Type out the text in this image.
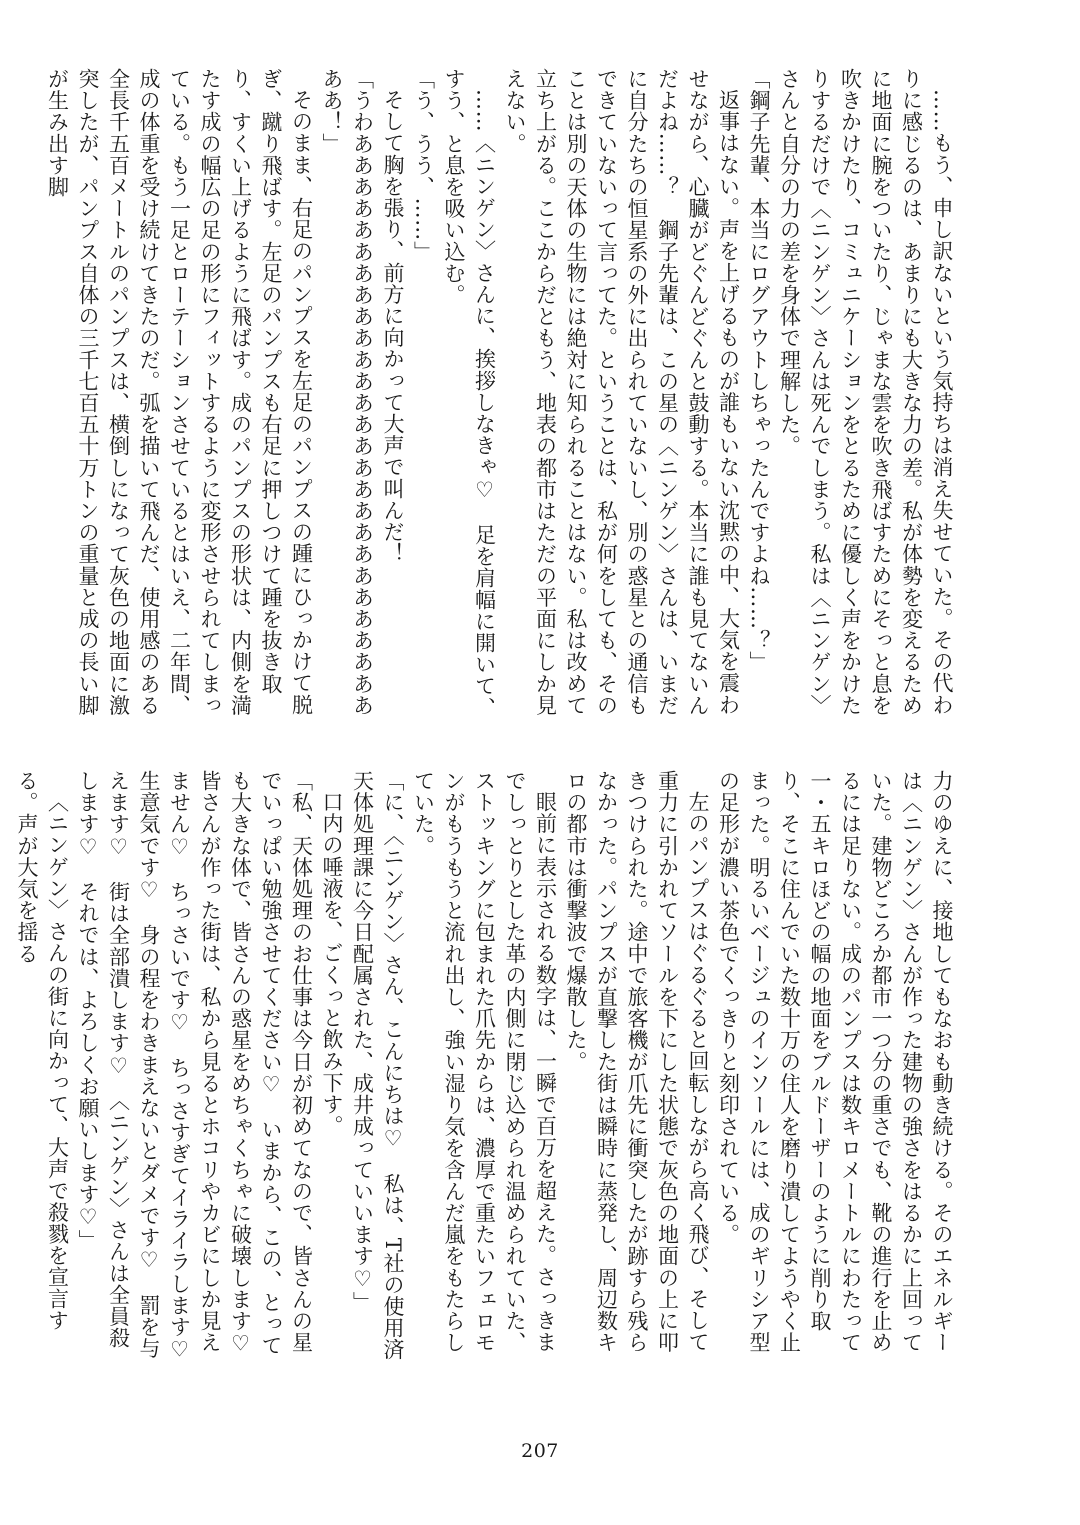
……もう、申し訳ないという気持ちは消え失せていた。その代わりに感じるのは、あまりにも大きな力の差。私が体勢を変えるために地面に腕をついたり、じゃまな雲を吹き飛ばすためにそっと息を吹きかけたり、コミュニケーションをとるために優しく声をかけたりするだけで〈ニンゲン〉さんは死んでしまう。私は〈ニンゲン〉さんと自分の力の差を身体で理解した。

「鋼子先輩、本当にログアウトしちゃったんですよね……？」

返事はない。声を上げるものが誰もいない沈黙の中、大気を震わせながら、心臓がどぐんどぐんと鼓動する。本当に誰も見てないんだよね……？　鋼子先輩は、この星の〈ニンゲン〉さんは、いまだに自分たちの恒星系の外に出られていないし、別の惑星との通信もできていないって言ってた。ということは、私が何をしても、そのことは別の天体の生物には絶対に知られることはない。私は改めて立ち上がる。ここからだともう、地表の都市はただの平面にしか見えない。

……〈ニンゲン〉さんに、挨拶しなきゃ♡　足を肩幅に開いて、すう、と息を吸い込む。

「う、うう、……」

そして胸を張り、前方に向かって大声で叫んだ！

「うわあああああああああああああああああああああああああああああ！」

そのまま、右足のパンプスを左足のパンプスの踵にひっかけて脱ぎ、蹴り飛ばす。左足のパンプスも右足に押しつけて踵を抜き取り、すくい上げるように飛ばす。成のパンプスの形状は、内側を満たす成の幅広の足の形にフィットするように変形させられてしまっている。もう一足とローテーションさせているとはいえ、二年間、成の体重を受け続けてきたのだ。弧を描いて飛んだ、使用感のある全長千五百メートルのパンプスは、横倒しになって灰色の地面に激突したが、パンプス自体の三千七百五十万トンの重量と成の長い脚が生み出す脚

力のゆえに、接地してもなおも動き続ける。そのエネルギーは〈ニンゲン〉さんが作った建物の強さをはるかに上回っていた。建物どころか都市一つ分の重さでも、靴の進行を止めるには足りない。成のパンプスは数キロメートルにわたって一・五キロほどの幅の地面をブルドーザーのように削り取り、そこに住んでいた数十万の住人を磨り潰してようやく止まった。明るいベージュのインソールには、成のギリシア型の足形が濃い茶色でくっきりと刻印されている。

左のパンプスはぐるぐると回転しながら高く飛び、そして重力に引かれてソールを下にした状態で灰色の地面の上に叩きつけられた。途中で旅客機が爪先に衝突したが跡すら残らなかった。パンプスが直撃した街は瞬時に蒸発し、周辺数キロの都市は衝撃波で爆散した。

眼前に表示される数字は、一瞬で百万を超えた。さっきまでしっとりとした革の内側に閉じ込められ温められていた、ストッキングに包まれた爪先からは、濃厚で重たいフェロモンがもうもうと流れ出し、強い湿り気を含んだ嵐をもたらしていた。

「に、〈ニンゲン〉さん、こんにちは♡　私は、T社の使用済天体処理課に今日配属された、成井成っていいます♡」

口内の唾液を、ごくっと飲み下す。

「私、天体処理のお仕事は今日が初めてなので、皆さんの星でいっぱい勉強させてください♡　いまから、この、とっても大きな体で、皆さんの惑星をめちゃくちゃに破壊します♡　皆さんが作った街は、私から見るとホコリやカビにしか見えません♡　ちっさいです♡　ちっさすぎてイライラします♡　生意気です♡　身の程をわきまえないとダメです♡　罰を与えます♡　街は全部潰します♡　〈ニンゲン〉さんは全員殺します♡　それでは、よろしくお願いします♡」

〈ニンゲン〉さんの街に向かって、大声で殺戮を宣言する。声が大気を揺る

207
